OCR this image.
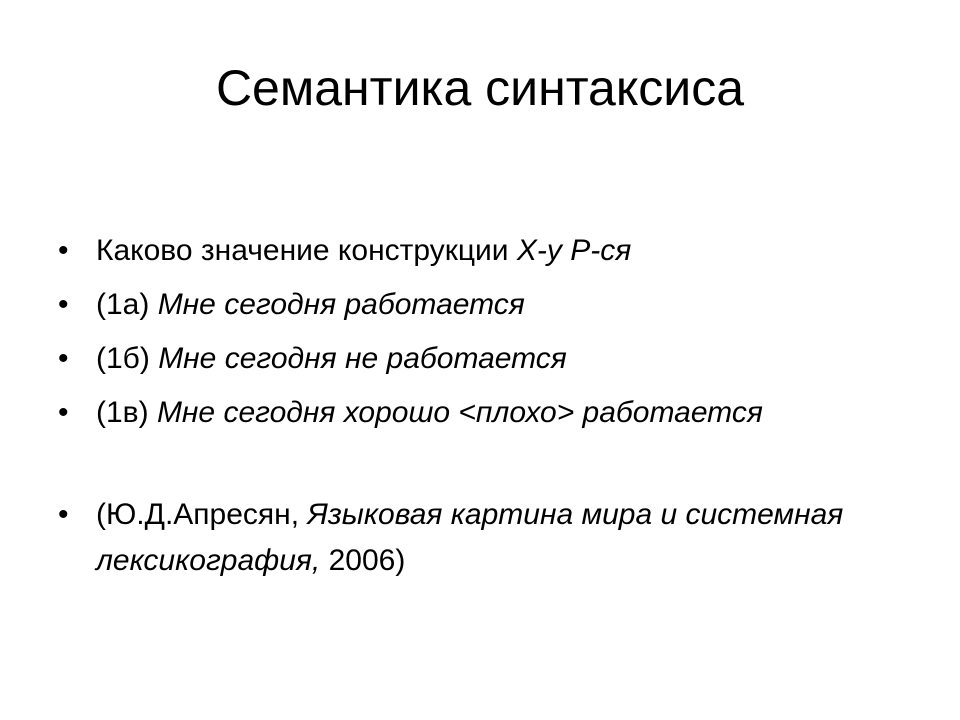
Семантика синтаксиса
• Каково значение конструкции X-у P-ся
• (1а) Мне сегодня работается
• (1б) Мне сегодня не работается
• (1в) Мне сегодня хорошо <плохо> работается
• (Ю.Д.Апресян, Языковая картина мира и системная лексикография, 2006)
